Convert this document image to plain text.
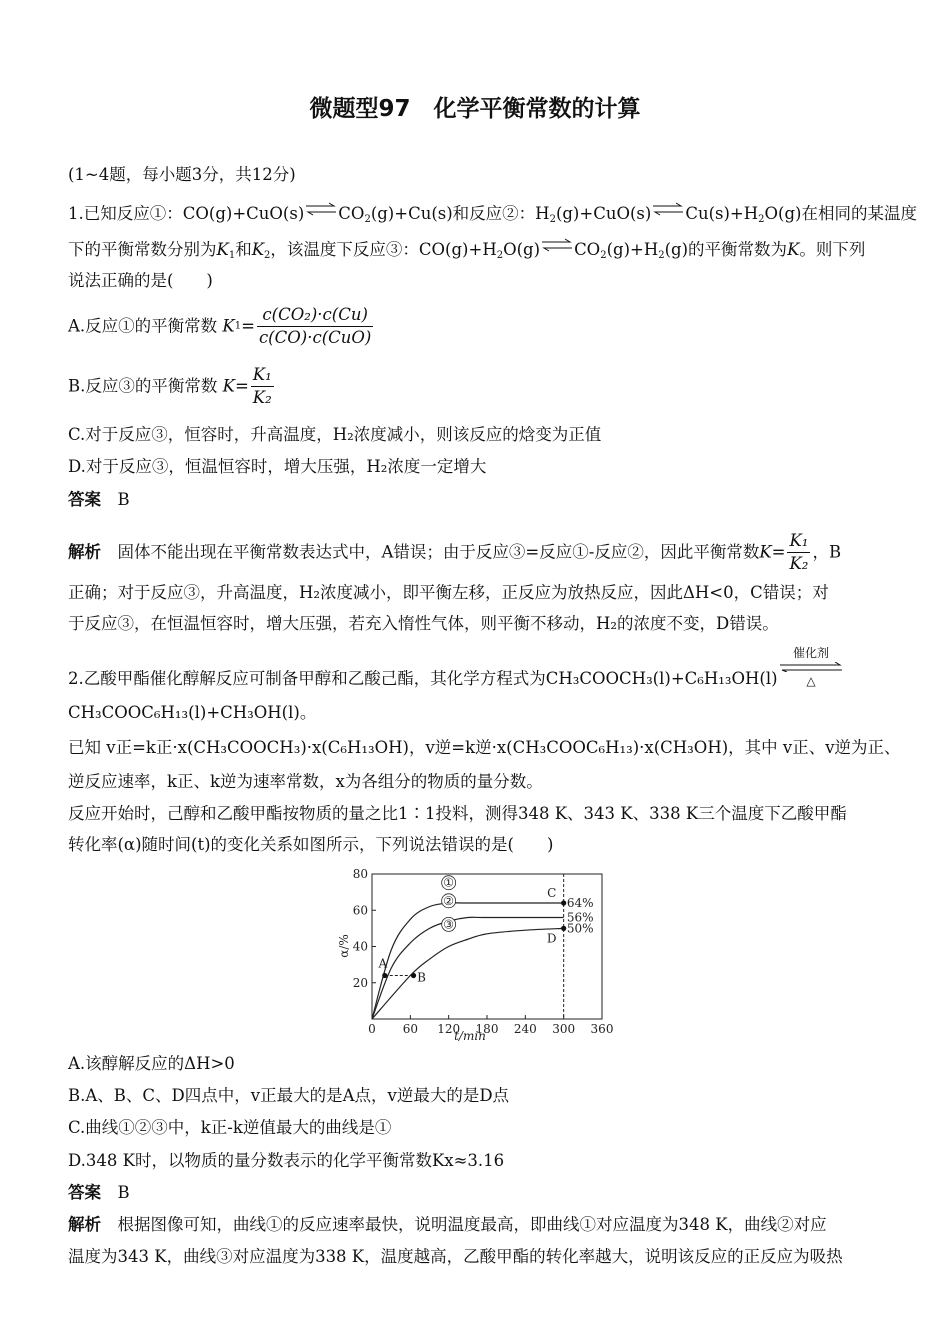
微题型97　化学平衡常数的计算
(1~4题，每小题3分，共12分)
1.已知反应①：$CO(g)+CuO(s)\rightleftharpoons CO_2(g)+Cu(s)$和反应②：$H_2(g)+CuO(s)\rightleftharpoons Cu(s)+H_2O(g)$在相同的某温度
下的平衡常数分别为$K_1$和$K_2$，该温度下反应③：$CO(g)+H_2O(g)\rightleftharpoons CO_2(g)+H_2(g)$的平衡常数为K。则下列
说法正确的是(　　)
A.反应①的平衡常数 $K1= \frac{\text{c(CO₂)·c(Cu)}}{\text{c(CO)·c(CuO)}}$
B.反应③的平衡常数 $K= \frac{\text{K₁}}{\text{K₂}}$
C.对于反应③，恒容时，升高温度，H₂浓度减小，则该反应的焓变为正值
D.对于反应③，恒温恒容时，增大压强，H₂浓度一定增大
答案　 B
解析　 固体不能出现在平衡常数表达式中，A错误；由于反应③=反应①-反应②，因此平衡常数$K= \frac{\text{K₁}}{\text{K₂}}$ ，B
正确；对于反应③，升高温度，H₂浓度减小，即平衡左移，正反应为放热反应，因此ΔH<0，C错误；对
于反应③，在恒温恒容时，增大压强，若充入惰性气体，则平衡不移动，H₂的浓度不变，D错误。
催化剂
△
2.乙酸甲酯催化醇解反应可制备甲醇和乙酸己酯，其化学方程式为CH₃COOCH₃(l)+C₆H₁₃OH(l)
CH₃COOC₆H₁₃(l)+CH₃OH(l)。
已知 v正=k正·x(CH₃COOCH₃)·x(C₆H₁₃OH)，v逆=k逆·x(CH₃COOC₆H₁₃)·x(CH₃OH)，其中 v正、v逆为正、
逆反应速率，k正、k逆为速率常数，x为各组分的物质的量分数。
反应开始时，己醇和乙酸甲酯按物质的量之比1∶1投料，测得348 K、343 K、338 K三个温度下乙酸甲酯
转化率(α)随时间(t)的变化关系如图所示，下列说法错误的是(　　)
0 60 120 180 240 300 360
20
40
60
80
t/min
α/%
①
②
③
A
B
C
D
64%
56%
50%
A.该醇解反应的ΔH>0
B.A、B、C、D四点中，v正最大的是A点，v逆最大的是D点
C.曲线①②③中，k正-k逆值最大的曲线是①
D.348 K时，以物质的量分数表示的化学平衡常数Kx≈3.16
答案　 B
解析　 根据图像可知，曲线①的反应速率最快，说明温度最高，即曲线①对应温度为348 K，曲线②对应
温度为343 K，曲线③对应温度为338 K，温度越高，乙酸甲酯的转化率越大，说明该反应的正反应为吸热
